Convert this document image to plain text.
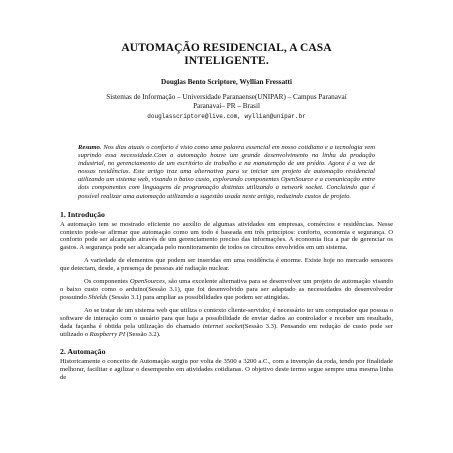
AUTOMAÇÃO RESIDENCIAL, A CASA
INTELIGENTE.
Douglas Bento Scriptore, Wyllian Fressatti
Sistemas de Informação – Universidade Paranaense(UNIPAR) – Campus Paranavaí
Paranavaí– PR – Brasil
douglasscriptore@live.com, wyllian@unipar.br
Resumo. Nos dias atuais o conforto é visto como uma palavra essencial em nosso cotidiano e a tecnologia vem suprindo essa necessidade.Com a automação houve um grande desenvolvimento na linha da produção industrial, no gerenciamento de um escritório de trabalho e na manutenção de um prédio. Agora é a vez de nossas residências. Este artigo traz uma alternativa para se iniciar um projeto de automação residencial utilizando um sistema web, visando o baixo custo, explorando componentes OpenSource e a comunicação entre dois componentes com linguagens de programação distintas utilizando a network socket. Concluindo que é possível realizar uma automação utilizando a sugestão usada neste artigo, reduzindo custos de projeto.
1. Introdução

A automação tem se mostrado eficiente no auxílio de algumas atividades em empresas, comércios e residências. Nesse contexto pode-se afirmar que automação como um todo é baseada em três princípios: conforto, economia e segurança. O conforto pode ser alcançado através de um gerenciamento preciso das informações. A economia fica a par de gerenciar os gastos. A segurança pode ser alcançada pelo monitoramento de todos os circuitos envolvidos em um sistema.

A variedade de elementos que podem ser inseridas em uma residência é enorme. Existe hoje no mercado sensores que detectam, desde, a presença de pessoas até radiação nuclear.

Os componentes OpenSources, são uma excelente alternativa para se desenvolver um projeto de automação visando o baixo custo como o arduino(Sessão 3.1), que foi desenvolvido para ser adaptado as necessidades do desenvolvedor possuindo Shields (Sessão 3.1) para ampliar as possibilidades que podem ser atingidas.

Ao se tratar de um sistema web que utiliza o contexto cliente-servidor, é necessário ter um computador que possua o software de interação com o usuário para que haja a possibilidade de enviar dados ao controlador e receber um resultado, dada façanha é obtida pela utilização do chamado internet socket(Sessão 3.3). Pensando em redução de custo pode ser utilizado o Raspberry PI (Sessão 3.2).

2. Automação

Historicamente o conceito de Automação surgiu por volta de 3500 a 3200 a.C., com a invenção da roda, tendo por finalidade melhorar, facilitar e agilizar o desempenho em atividades cotidianas. O objetivo deste termo segue sempre uma mesma linha de
